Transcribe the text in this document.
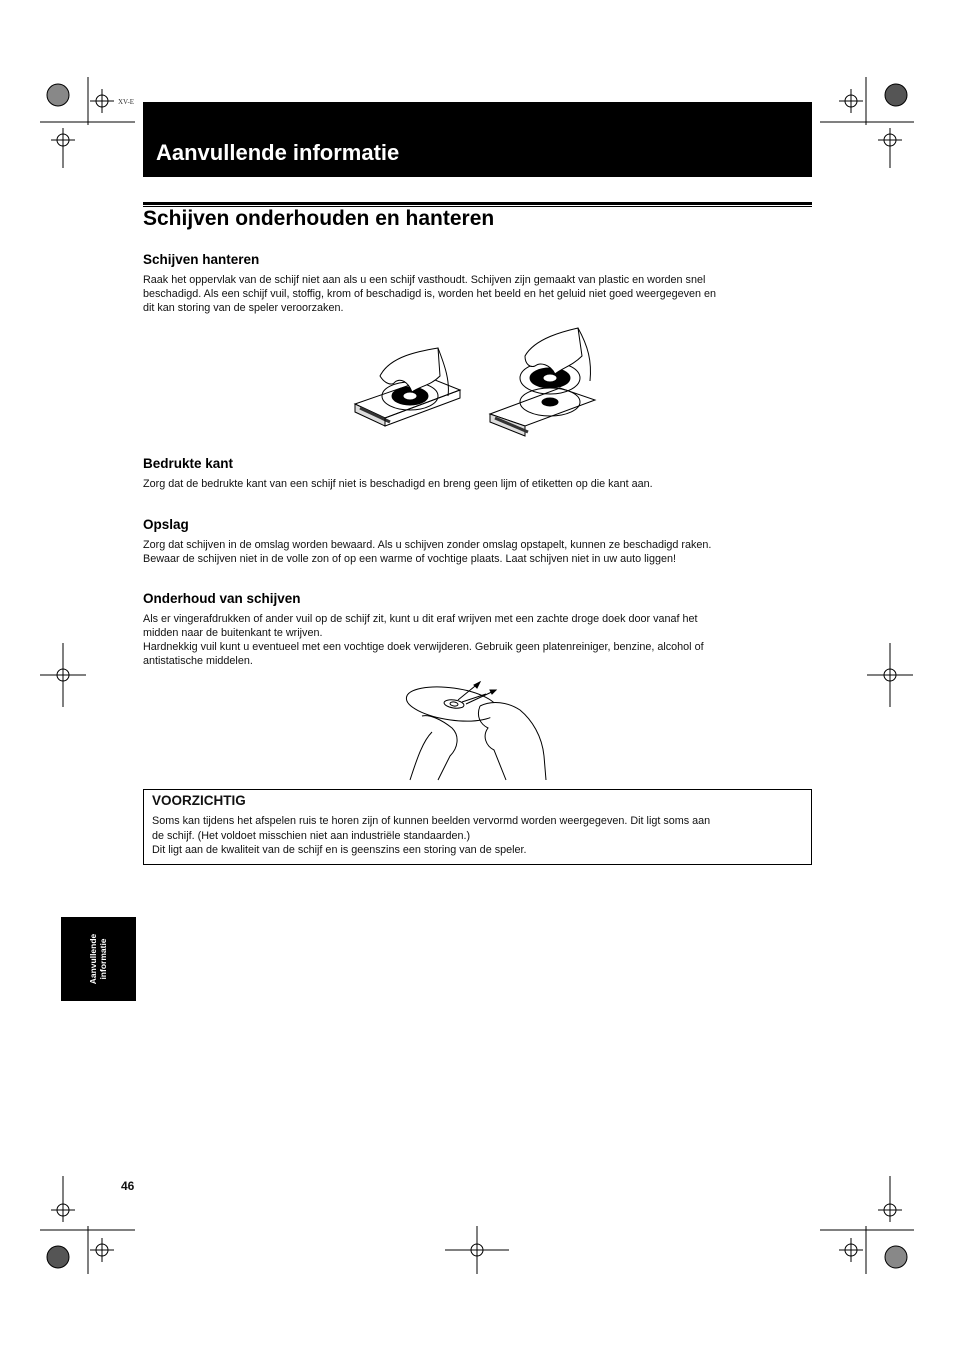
XV-E
Aanvullende informatie
Schijven onderhouden en hanteren
Schijven hanteren
Raak het oppervlak van de schijf niet aan als u een schijf vasthoudt. Schijven zijn gemaakt van plastic en worden snel
beschadigd. Als een schijf vuil, stoffig, krom of beschadigd is, worden het beeld en het geluid niet goed weergegeven en
dit kan storing van de speler veroorzaken.
Bedrukte kant
Zorg dat de bedrukte kant van een schijf niet is beschadigd en breng geen lijm of etiketten op die kant aan.
Opslag
Zorg dat schijven in de omslag worden bewaard. Als u schijven zonder omslag opstapelt, kunnen ze beschadigd raken.
Bewaar de schijven niet in de volle zon of op een warme of vochtige plaats. Laat schijven niet in uw auto liggen!
Onderhoud van schijven
Als er vingerafdrukken of ander vuil op de schijf zit, kunt u dit eraf wrijven met een zachte droge doek door vanaf het
midden naar de buitenkant te wrijven.
Hardnekkig vuil kunt u eventueel met een vochtige doek verwijderen. Gebruik geen platenreiniger, benzine, alcohol of
antistatische middelen.
VOORZICHTIG
Soms kan tijdens het afspelen ruis te horen zijn of kunnen beelden vervormd worden weergegeven. Dit ligt soms aan
de schijf. (Het voldoet misschien niet aan industriële standaarden.)
Dit ligt aan de kwaliteit van de schijf en is geenszins een storing van de speler.
Aanvullende informatie
46
